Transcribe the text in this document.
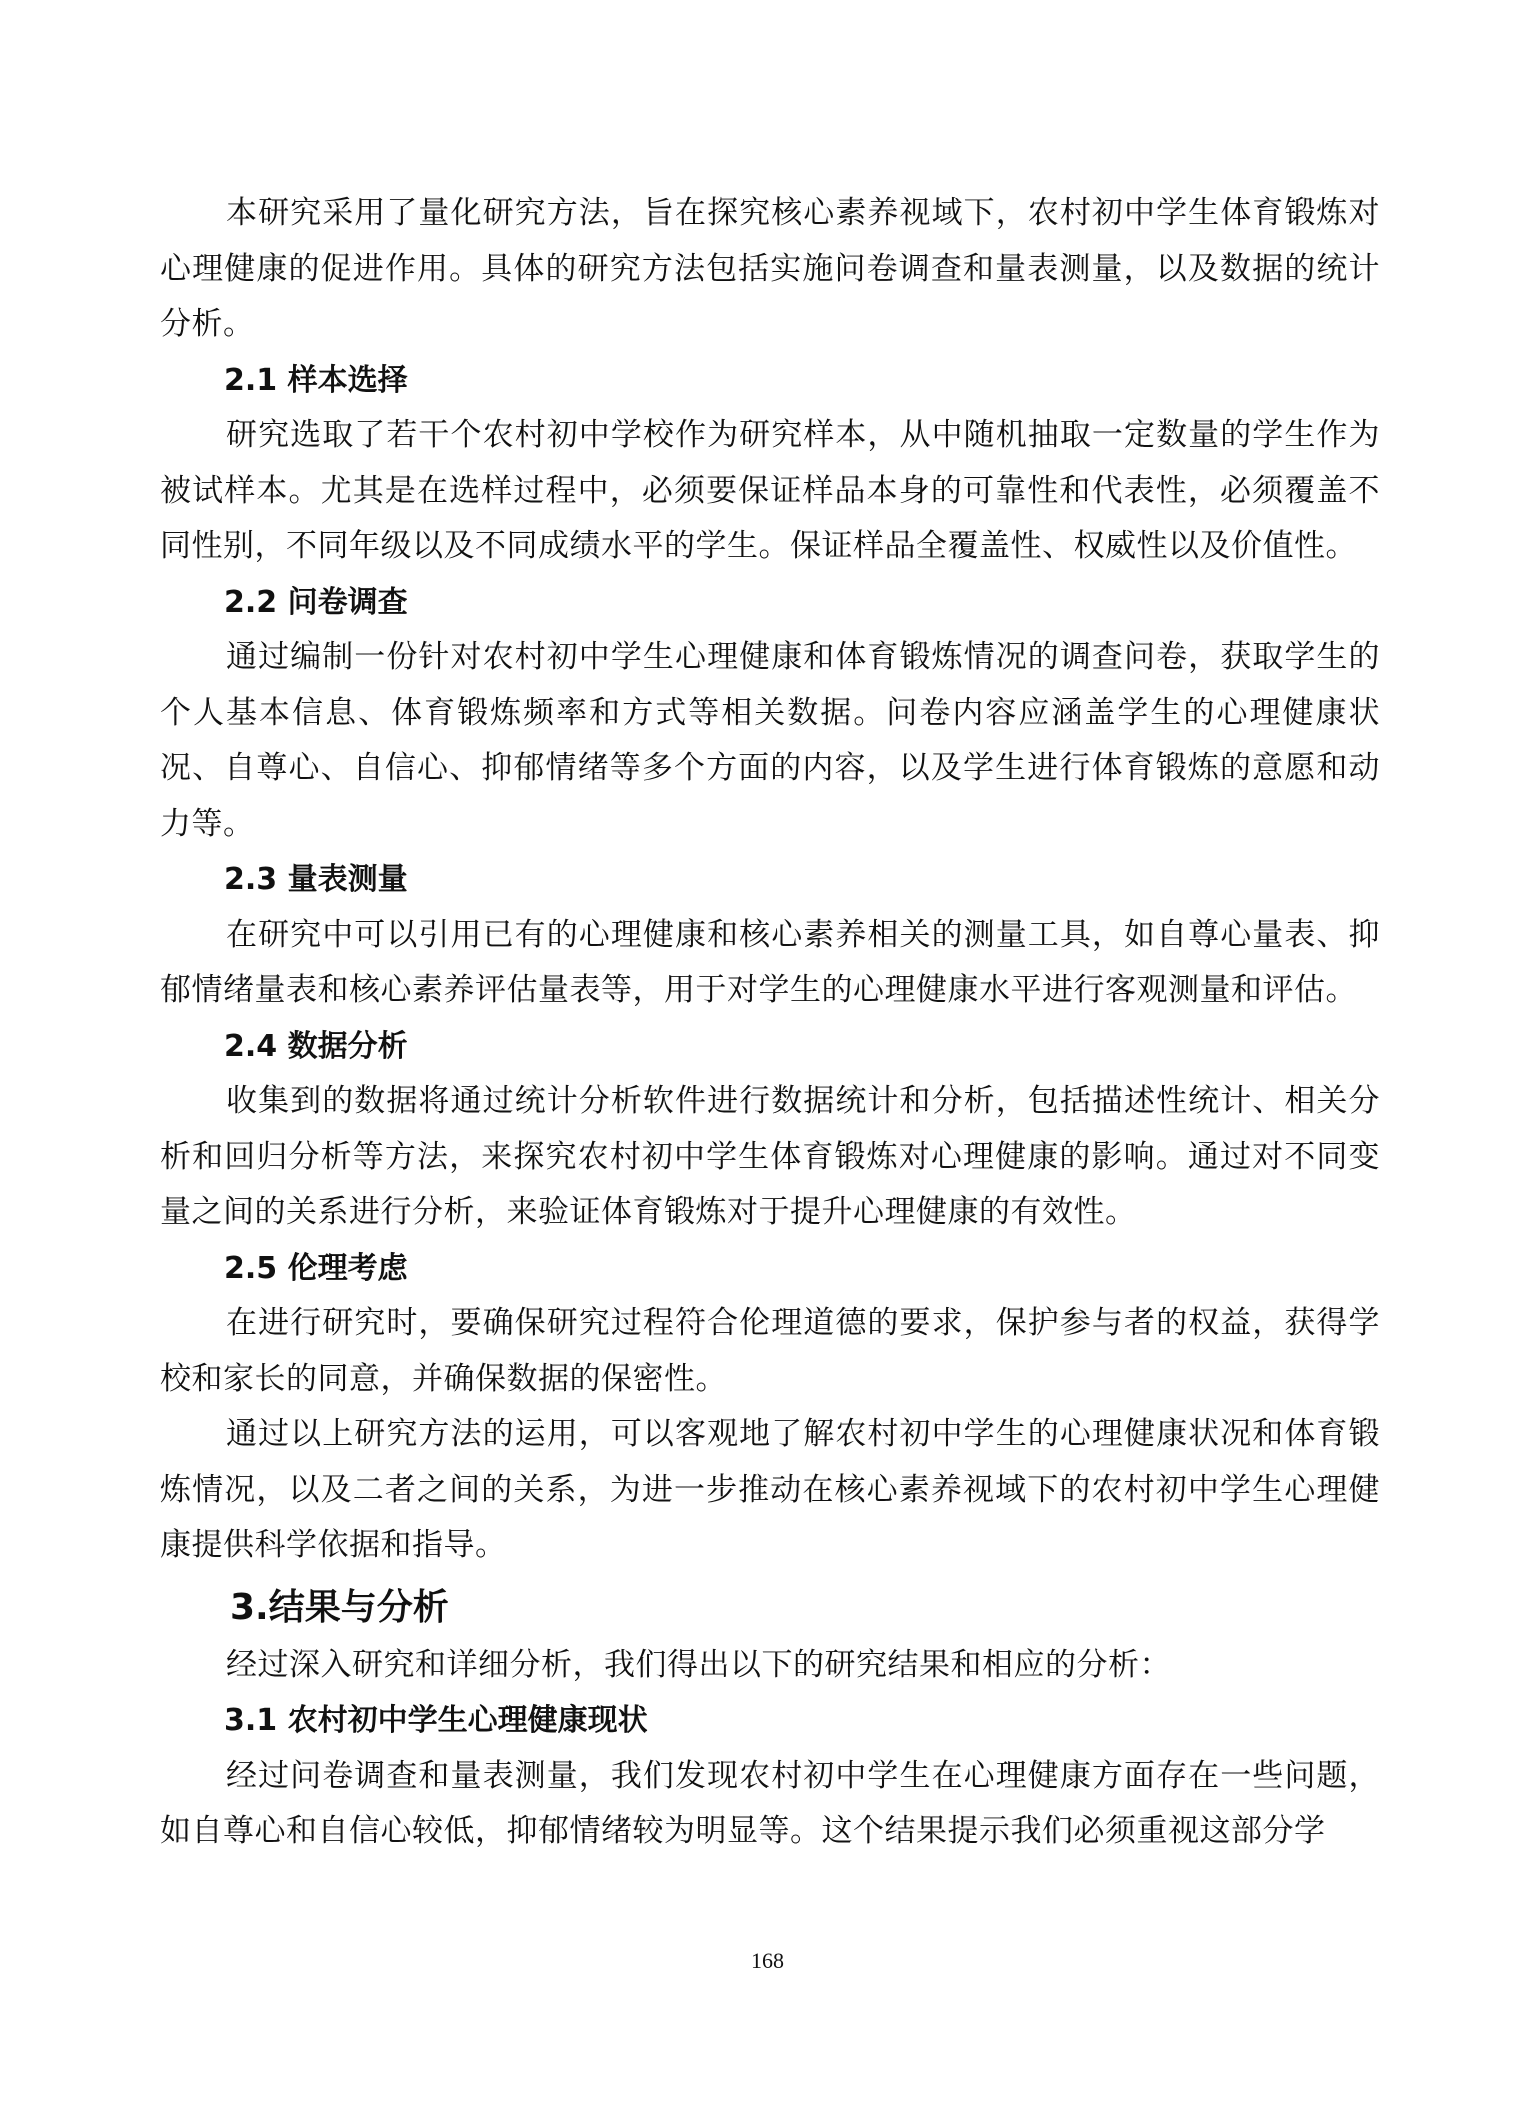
本研究采用了量化研究方法，旨在探究核心素养视域下，农村初中学生体育锻炼对心理健康的促进作用。具体的研究方法包括实施问卷调查和量表测量，以及数据的统计分析。

2.1 样本选择

研究选取了若干个农村初中学校作为研究样本，从中随机抽取一定数量的学生作为被试样本。尤其是在选样过程中，必须要保证样品本身的可靠性和代表性，必须覆盖不同性别，不同年级以及不同成绩水平的学生。保证样品全覆盖性、权威性以及价值性。

2.2 问卷调查

通过编制一份针对农村初中学生心理健康和体育锻炼情况的调查问卷，获取学生的个人基本信息、体育锻炼频率和方式等相关数据。问卷内容应涵盖学生的心理健康状况、自尊心、自信心、抑郁情绪等多个方面的内容，以及学生进行体育锻炼的意愿和动力等。

2.3 量表测量

在研究中可以引用已有的心理健康和核心素养相关的测量工具，如自尊心量表、抑郁情绪量表和核心素养评估量表等，用于对学生的心理健康水平进行客观测量和评估。

2.4 数据分析

收集到的数据将通过统计分析软件进行数据统计和分析，包括描述性统计、相关分析和回归分析等方法，来探究农村初中学生体育锻炼对心理健康的影响。通过对不同变量之间的关系进行分析，来验证体育锻炼对于提升心理健康的有效性。

2.5 伦理考虑

在进行研究时，要确保研究过程符合伦理道德的要求，保护参与者的权益，获得学校和家长的同意，并确保数据的保密性。

通过以上研究方法的运用，可以客观地了解农村初中学生的心理健康状况和体育锻炼情况，以及二者之间的关系，为进一步推动在核心素养视域下的农村初中学生心理健康提供科学依据和指导。

3.结果与分析

经过深入研究和详细分析，我们得出以下的研究结果和相应的分析：

3.1 农村初中学生心理健康现状

经过问卷调查和量表测量，我们发现农村初中学生在心理健康方面存在一些问题，如自尊心和自信心较低，抑郁情绪较为明显等。这个结果提示我们必须重视这部分学

168
